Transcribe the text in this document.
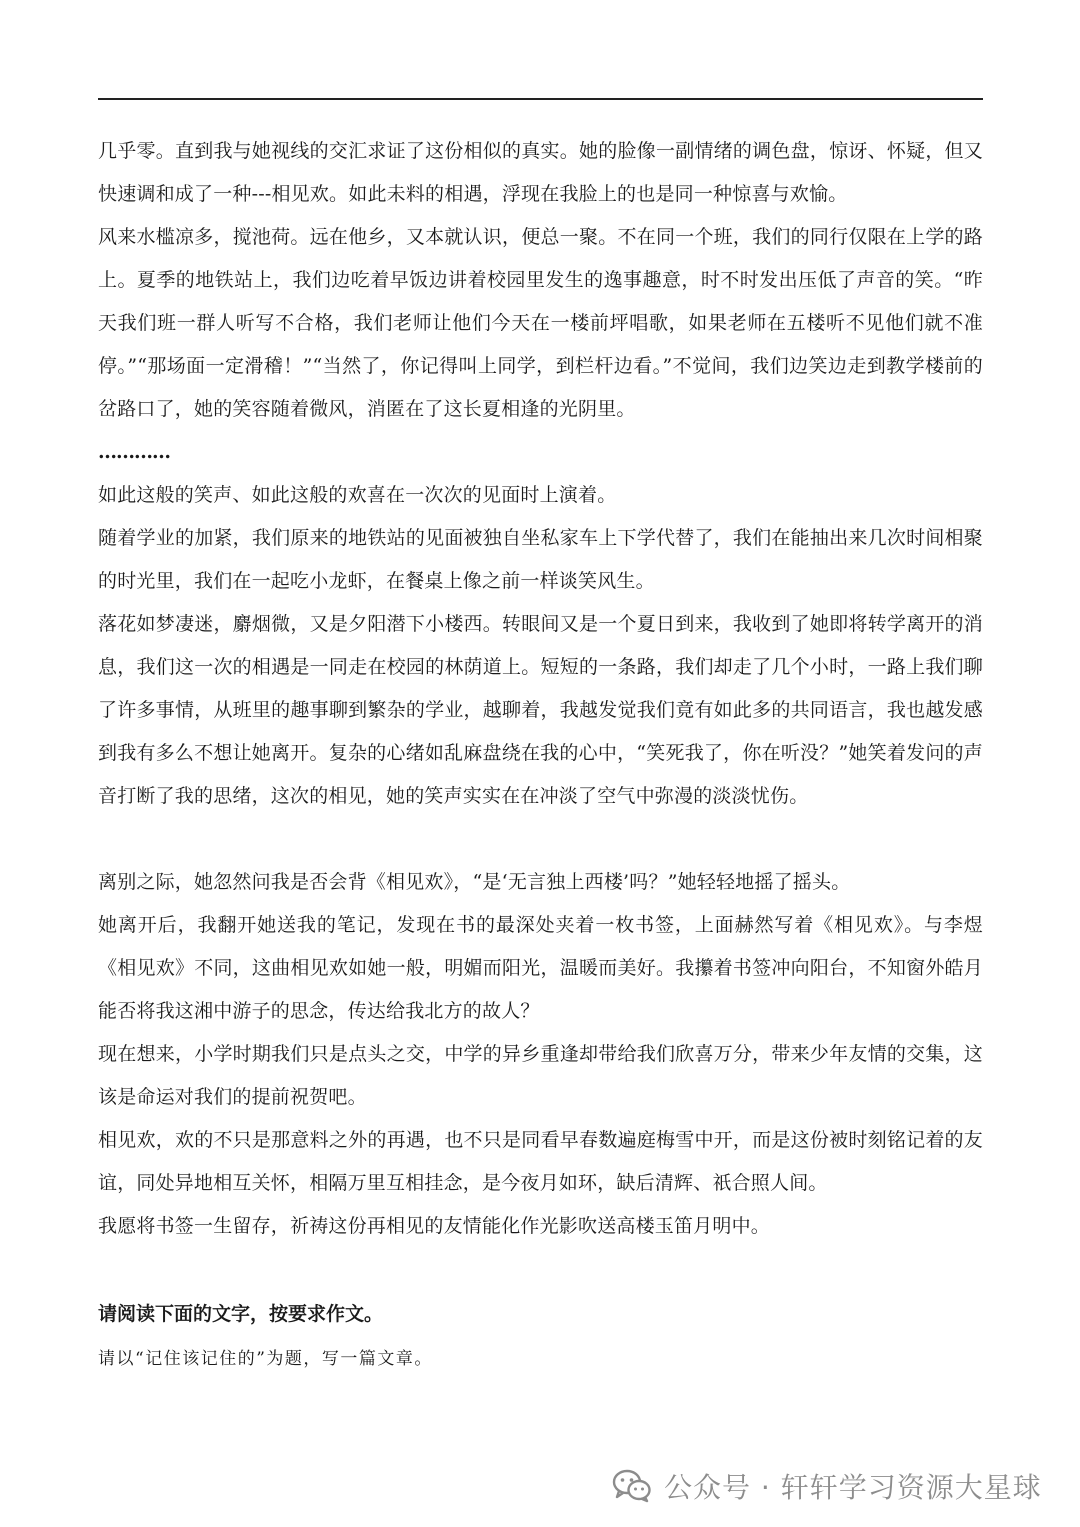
几乎零。直到我与她视线的交汇求证了这份相似的真实。她的脸像一副情绪的调色盘，惊讶、怀疑，但又快速调和成了一种---相见欢。如此未料的相遇，浮现在我脸上的也是同一种惊喜与欢愉。

风来水槛凉多，搅池荷。远在他乡，又本就认识，便总一聚。不在同一个班，我们的同行仅限在上学的路上。夏季的地铁站上，我们边吃着早饭边讲着校园里发生的逸事趣意，时不时发出压低了声音的笑。“昨天我们班一群人听写不合格，我们老师让他们今天在一楼前坪唱歌，如果老师在五楼听不见他们就不准停。”“那场面一定滑稽！”“当然了，你记得叫上同学，到栏杆边看。”不觉间，我们边笑边走到教学楼前的岔路口了，她的笑容随着微风，消匿在了这长夏相逢的光阴里。

…………

如此这般的笑声、如此这般的欢喜在一次次的见面时上演着。

随着学业的加紧，我们原来的地铁站的见面被独自坐私家车上下学代替了，我们在能抽出来几次时间相聚的时光里，我们在一起吃小龙虾，在餐桌上像之前一样谈笑风生。

落花如梦凄迷，麝烟微，又是夕阳潜下小楼西。转眼间又是一个夏日到来，我收到了她即将转学离开的消息，我们这一次的相遇是一同走在校园的林荫道上。短短的一条路，我们却走了几个小时，一路上我们聊了许多事情，从班里的趣事聊到繁杂的学业，越聊着，我越发觉我们竟有如此多的共同语言，我也越发感到我有多么不想让她离开。复杂的心绪如乱麻盘绕在我的心中，“笑死我了，你在听没？”她笑着发问的声音打断了我的思绪，这次的相见，她的笑声实实在在冲淡了空气中弥漫的淡淡忧伤。

离别之际，她忽然问我是否会背《相见欢》，“是‘无言独上西楼’吗？”她轻轻地摇了摇头。

她离开后，我翻开她送我的笔记，发现在书的最深处夹着一枚书签，上面赫然写着《相见欢》。与李煜《相见欢》不同，这曲相见欢如她一般，明媚而阳光，温暖而美好。我攥着书签冲向阳台，不知窗外皓月能否将我这湘中游子的思念，传达给我北方的故人？

现在想来，小学时期我们只是点头之交，中学的异乡重逢却带给我们欣喜万分，带来少年友情的交集，这该是命运对我们的提前祝贺吧。

相见欢，欢的不只是那意料之外的再遇，也不只是同看早春数遍庭梅雪中开，而是这份被时刻铭记着的友谊，同处异地相互关怀，相隔万里互相挂念，是今夜月如环，缺后清辉、祇合照人间。

我愿将书签一生留存，祈祷这份再相见的友情能化作光影吹送高楼玉笛月明中。

请阅读下面的文字，按要求作文。

请以“记住该记住的”为题，写一篇文章。

公众号 · 轩轩学习资源大星球
